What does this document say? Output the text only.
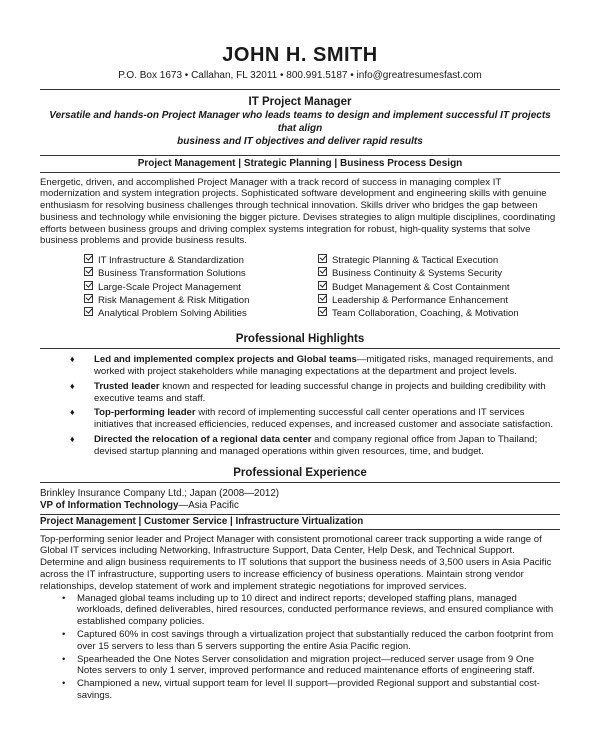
JOHN H. SMITH
P.O. Box 1673 • Callahan, FL 32011 • 800.991.5187 • info@greatresumesfast.com
IT Project Manager
Versatile and hands-on Project Manager who leads teams to design and implement successful IT projects that align
business and IT objectives and deliver rapid results
Project Management | Strategic Planning | Business Process Design
Energetic, driven, and accomplished Project Manager with a track record of success in managing complex IT modernization and system integration projects. Sophisticated software development and engineering skills with genuine enthusiasm for resolving business challenges through technical innovation. Skills driver who bridges the gap between business and technology while envisioning the bigger picture. Devises strategies to align multiple disciplines, coordinating efforts between business groups and driving complex systems integration for robust, high-quality systems that solve business problems and provide business results.
IT Infrastructure & Standardization
Business Transformation Solutions
Large-Scale Project Management
Risk Management & Risk Mitigation
Analytical Problem Solving Abilities
Strategic Planning & Tactical Execution
Business Continuity & Systems Security
Budget Management & Cost Containment
Leadership & Performance Enhancement
Team Collaboration, Coaching, & Motivation
Professional Highlights
♦ Led and implemented complex projects and Global teams—mitigated risks, managed requirements, and worked with project stakeholders while managing expectations at the department and project levels.
♦ Trusted leader known and respected for leading successful change in projects and building credibility with executive teams and staff.
♦ Top-performing leader with record of implementing successful call center operations and IT services initiatives that increased efficiencies, reduced expenses, and increased customer and associate satisfaction.
♦ Directed the relocation of a regional data center and company regional office from Japan to Thailand; devised startup planning and managed operations within given resources, time, and budget.
Professional Experience
Brinkley Insurance Company Ltd.; Japan (2008—2012)
VP of Information Technology—Asia Pacific
Project Management | Customer Service | Infrastructure Virtualization
Top-performing senior leader and Project Manager with consistent promotional career track supporting a wide range of Global IT services including Networking, Infrastructure Support, Data Center, Help Desk, and Technical Support. Determine and align business requirements to IT solutions that support the business needs of 3,500 users in Asia Pacific across the IT infrastructure, supporting users to increase efficiency of business operations. Maintain strong vendor relationships, develop statement of work and implement strategic negotiations for improved services.
• Managed global teams including up to 10 direct and indirect reports; developed staffing plans, managed workloads, defined deliverables, hired resources, conducted performance reviews, and ensured compliance with established company policies.
• Captured 60% in cost savings through a virtualization project that substantially reduced the carbon footprint from over 15 servers to less than 5 servers supporting the entire Asia Pacific region.
• Spearheaded the One Notes Server consolidation and migration project—reduced server usage from 9 One Notes servers to only 1 server, improved performance and reduced maintenance efforts of engineering staff.
• Championed a new, virtual support team for level II support—provided Regional support and substantial cost-savings.
